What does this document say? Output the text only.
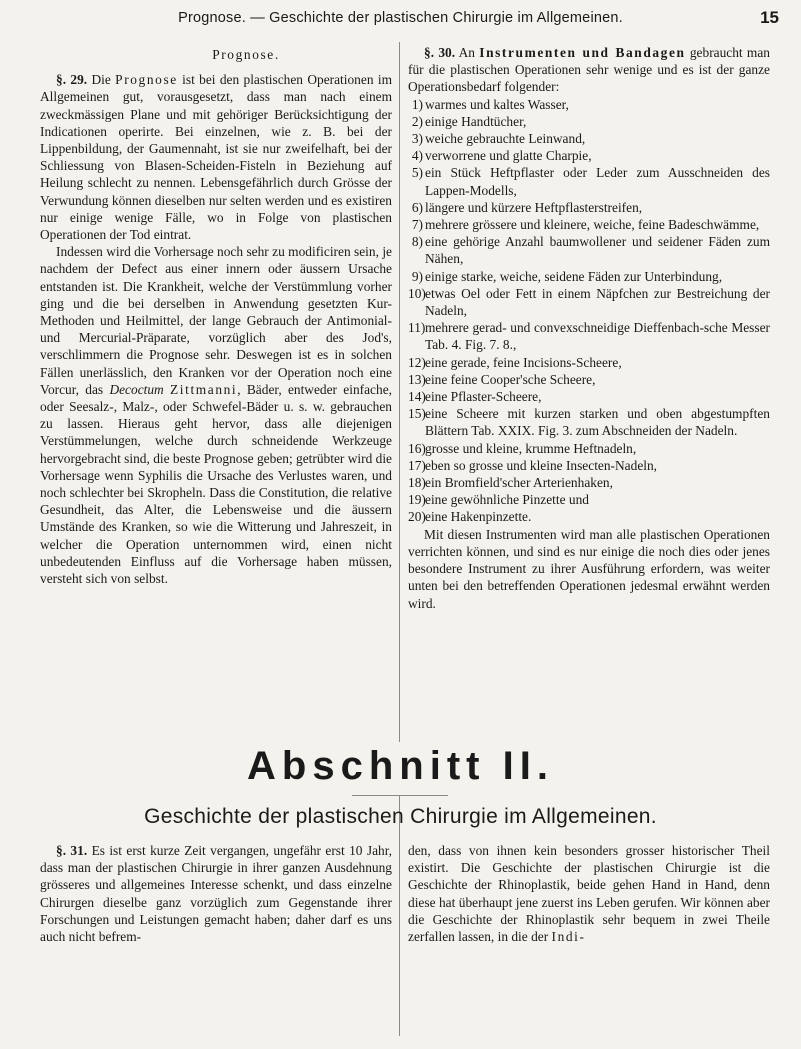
Prognose. — Geschichte der plastischen Chirurgie im Allgemeinen.	15
Prognose.

§. 29. Die Prognose ist bei den plastischen Operationen im Allgemeinen gut, vorausgesetzt, dass man nach einem zweckmässigen Plane und mit gehöriger Berücksichtigung der Indicationen operirte. Bei einzelnen, wie z. B. bei der Lippenbildung, der Gaumennaht, ist sie nur zweifelhaft, bei der Schliessung von Blasen-Scheiden-Fisteln in Beziehung auf Heilung schlecht zu nennen. Lebensgefährlich durch Grösse der Verwundung können dieselben nur selten werden und es existiren nur einige wenige Fälle, wo in Folge von plastischen Operationen der Tod eintrat.

Indessen wird die Vorhersage noch sehr zu modificiren sein, je nachdem der Defect aus einer innern oder äussern Ursache entstanden ist. Die Krankheit, welche der Verstümmlung vorher ging und die bei derselben in Anwendung gesetzten Kur-Methoden und Heilmittel, der lange Gebrauch der Antimonial- und Mercurial-Präparate, vorzüglich aber des Jod's, verschlimmern die Prognose sehr. Deswegen ist es in solchen Fällen unerlässlich, den Kranken vor der Operation noch eine Vorcur, das Decoctum Zittmanni, Bäder, entweder einfache, oder Seesalz-, Malz-, oder Schwefel-Bäder u. s. w. gebrauchen zu lassen. Hieraus geht hervor, dass alle diejenigen Verstümmelungen, welche durch schneidende Werkzeuge hervorgebracht sind, die beste Prognose geben; getrübter wird die Vorhersage wenn Syphilis die Ursache des Verlustes waren, und noch schlechter bei Skropheln. Dass die Constitution, die relative Gesundheit, das Alter, die Lebensweise und die äussern Umstände des Kranken, so wie die Witterung und Jahreszeit, in welcher die Operation unternommen wird, einen nicht unbedeutenden Einfluss auf die Vorhersage haben müssen, versteht sich von selbst.

§. 30. An Instrumenten und Bandagen gebraucht man für die plastischen Operationen sehr wenige und es ist der ganze Operationsbedarf folgender:

1) warmes und kaltes Wasser,
2) einige Handtücher,
3) weiche gebrauchte Leinwand,
4) verworrene und glatte Charpie,
5) ein Stück Heftpflaster oder Leder zum Ausschneiden des Lappen-Modells,
6) längere und kürzere Heftpflasterstreifen,
7) mehrere grössere und kleinere, weiche, feine Badeschwämme,
8) eine gehörige Anzahl baumwollener und seidener Fäden zum Nähen,
9) einige starke, weiche, seidene Fäden zur Unterbindung,
10) etwas Oel oder Fett in einem Näpfchen zur Bestreichung der Nadeln,
11) mehrere gerad- und convexschneidige Dieffenbach-sche Messer Tab. 4. Fig. 7. 8.,
12) eine gerade, feine Incisions-Scheere,
13) eine feine Cooper'sche Scheere,
14) eine Pflaster-Scheere,
15) eine Scheere mit kurzen starken und oben abgestumpften Blättern Tab. XXIX. Fig. 3. zum Abschneiden der Nadeln.
16) grosse und kleine, krumme Heftnadeln,
17) eben so grosse und kleine Insecten-Nadeln,
18) ein Bromfield'scher Arterienhaken,
19) eine gewöhnliche Pinzette und
20) eine Hakenpinzette.

Mit diesen Instrumenten wird man alle plastischen Operationen verrichten können, und sind es nur einige die noch dies oder jenes besondere Instrument zu ihrer Ausführung erfordern, was weiter unten bei den betreffenden Operationen jedesmal erwähnt werden wird.

Abschnitt II.
Geschichte der plastischen Chirurgie im Allgemeinen.

§. 31. Es ist erst kurze Zeit vergangen, ungefähr erst 10 Jahr, dass man der plastischen Chirurgie in ihrer ganzen Ausdehnung grösseres und allgemeines Interesse schenkt, und dass einzelne Chirurgen dieselbe ganz vorzüglich zum Gegenstande ihrer Forschungen und Leistungen gemacht haben; daher darf es uns auch nicht befrem-

den, dass von ihnen kein besonders grosser historischer Theil existirt. Die Geschichte der plastischen Chirurgie ist die Geschichte der Rhinoplastik, beide gehen Hand in Hand, denn diese hat überhaupt jene zuerst ins Leben gerufen. Wir können aber die Geschichte der Rhinoplastik sehr bequem in zwei Theile zerfallen lassen, in die der Indi-
